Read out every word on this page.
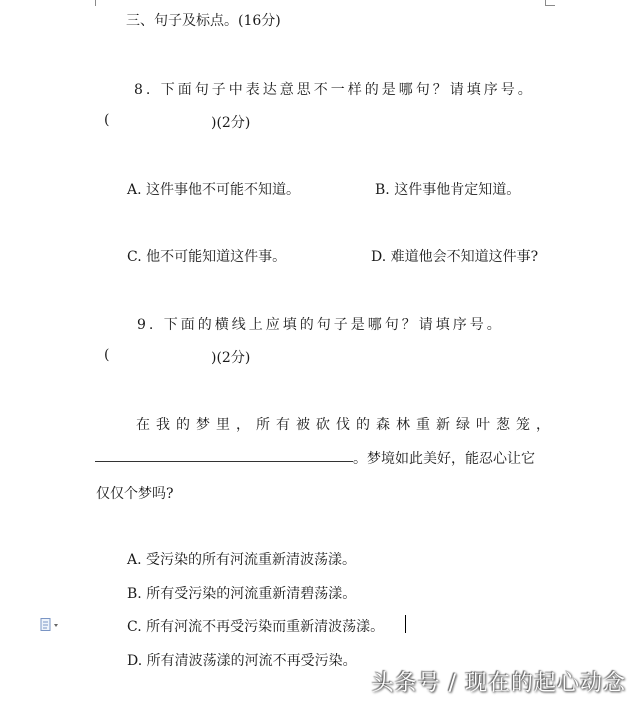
三、句子及标点。(16分)
8. 下面句子中表达意思不一样的是哪句？请填序号。
(	)(2分)
A. 这件事他不可能不知道。	B. 这件事他肯定知道。
C. 他不可能知道这件事。	D. 难道他会不知道这件事?
9. 下面的横线上应填的句子是哪句？请填序号。
(	)(2分)
在我的梦里，所有被砍伐的森林重新绿叶葱笼，
。梦境如此美好，能忍心让它
仅仅个梦吗?
A. 受污染的所有河流重新清波荡漾。
B. 所有受污染的河流重新清碧荡漾。
C. 所有河流不再受污染而重新清波荡漾。
D. 所有清波荡漾的河流不再受污染。
头条号 / 现在的起心动念
